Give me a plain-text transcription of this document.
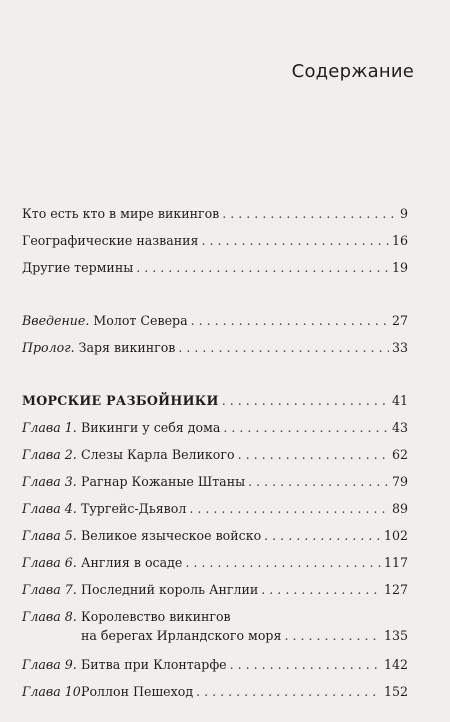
Содержание
Кто есть кто в мире викингов . . .	9
Географические названия . . .	16
Другие термины . . .	19
Введение. Молот Севера . . .	27
Пролог. Заря викингов . . .	33
МОРСКИЕ РАЗБОЙНИКИ . . .	41
Глава 1. Викинги у себя дома . . .	43
Глава 2. Слезы Карла Великого . . .	62
Глава 3. Рагнар Кожаные Штаны . . .	79
Глава 4. Тургейс-Дьявол . . .	89
Глава 5. Великое языческое войско . . .	102
Глава 6. Англия в осаде . . .	117
Глава 7. Последний король Англии . . .	127
Глава 8. Королевство викингов
на берегах Ирландского моря . . .	135
Глава 9. Битва при Клонтарфе . . .	142
Глава 10.Роллон Пешеход . . .	152
